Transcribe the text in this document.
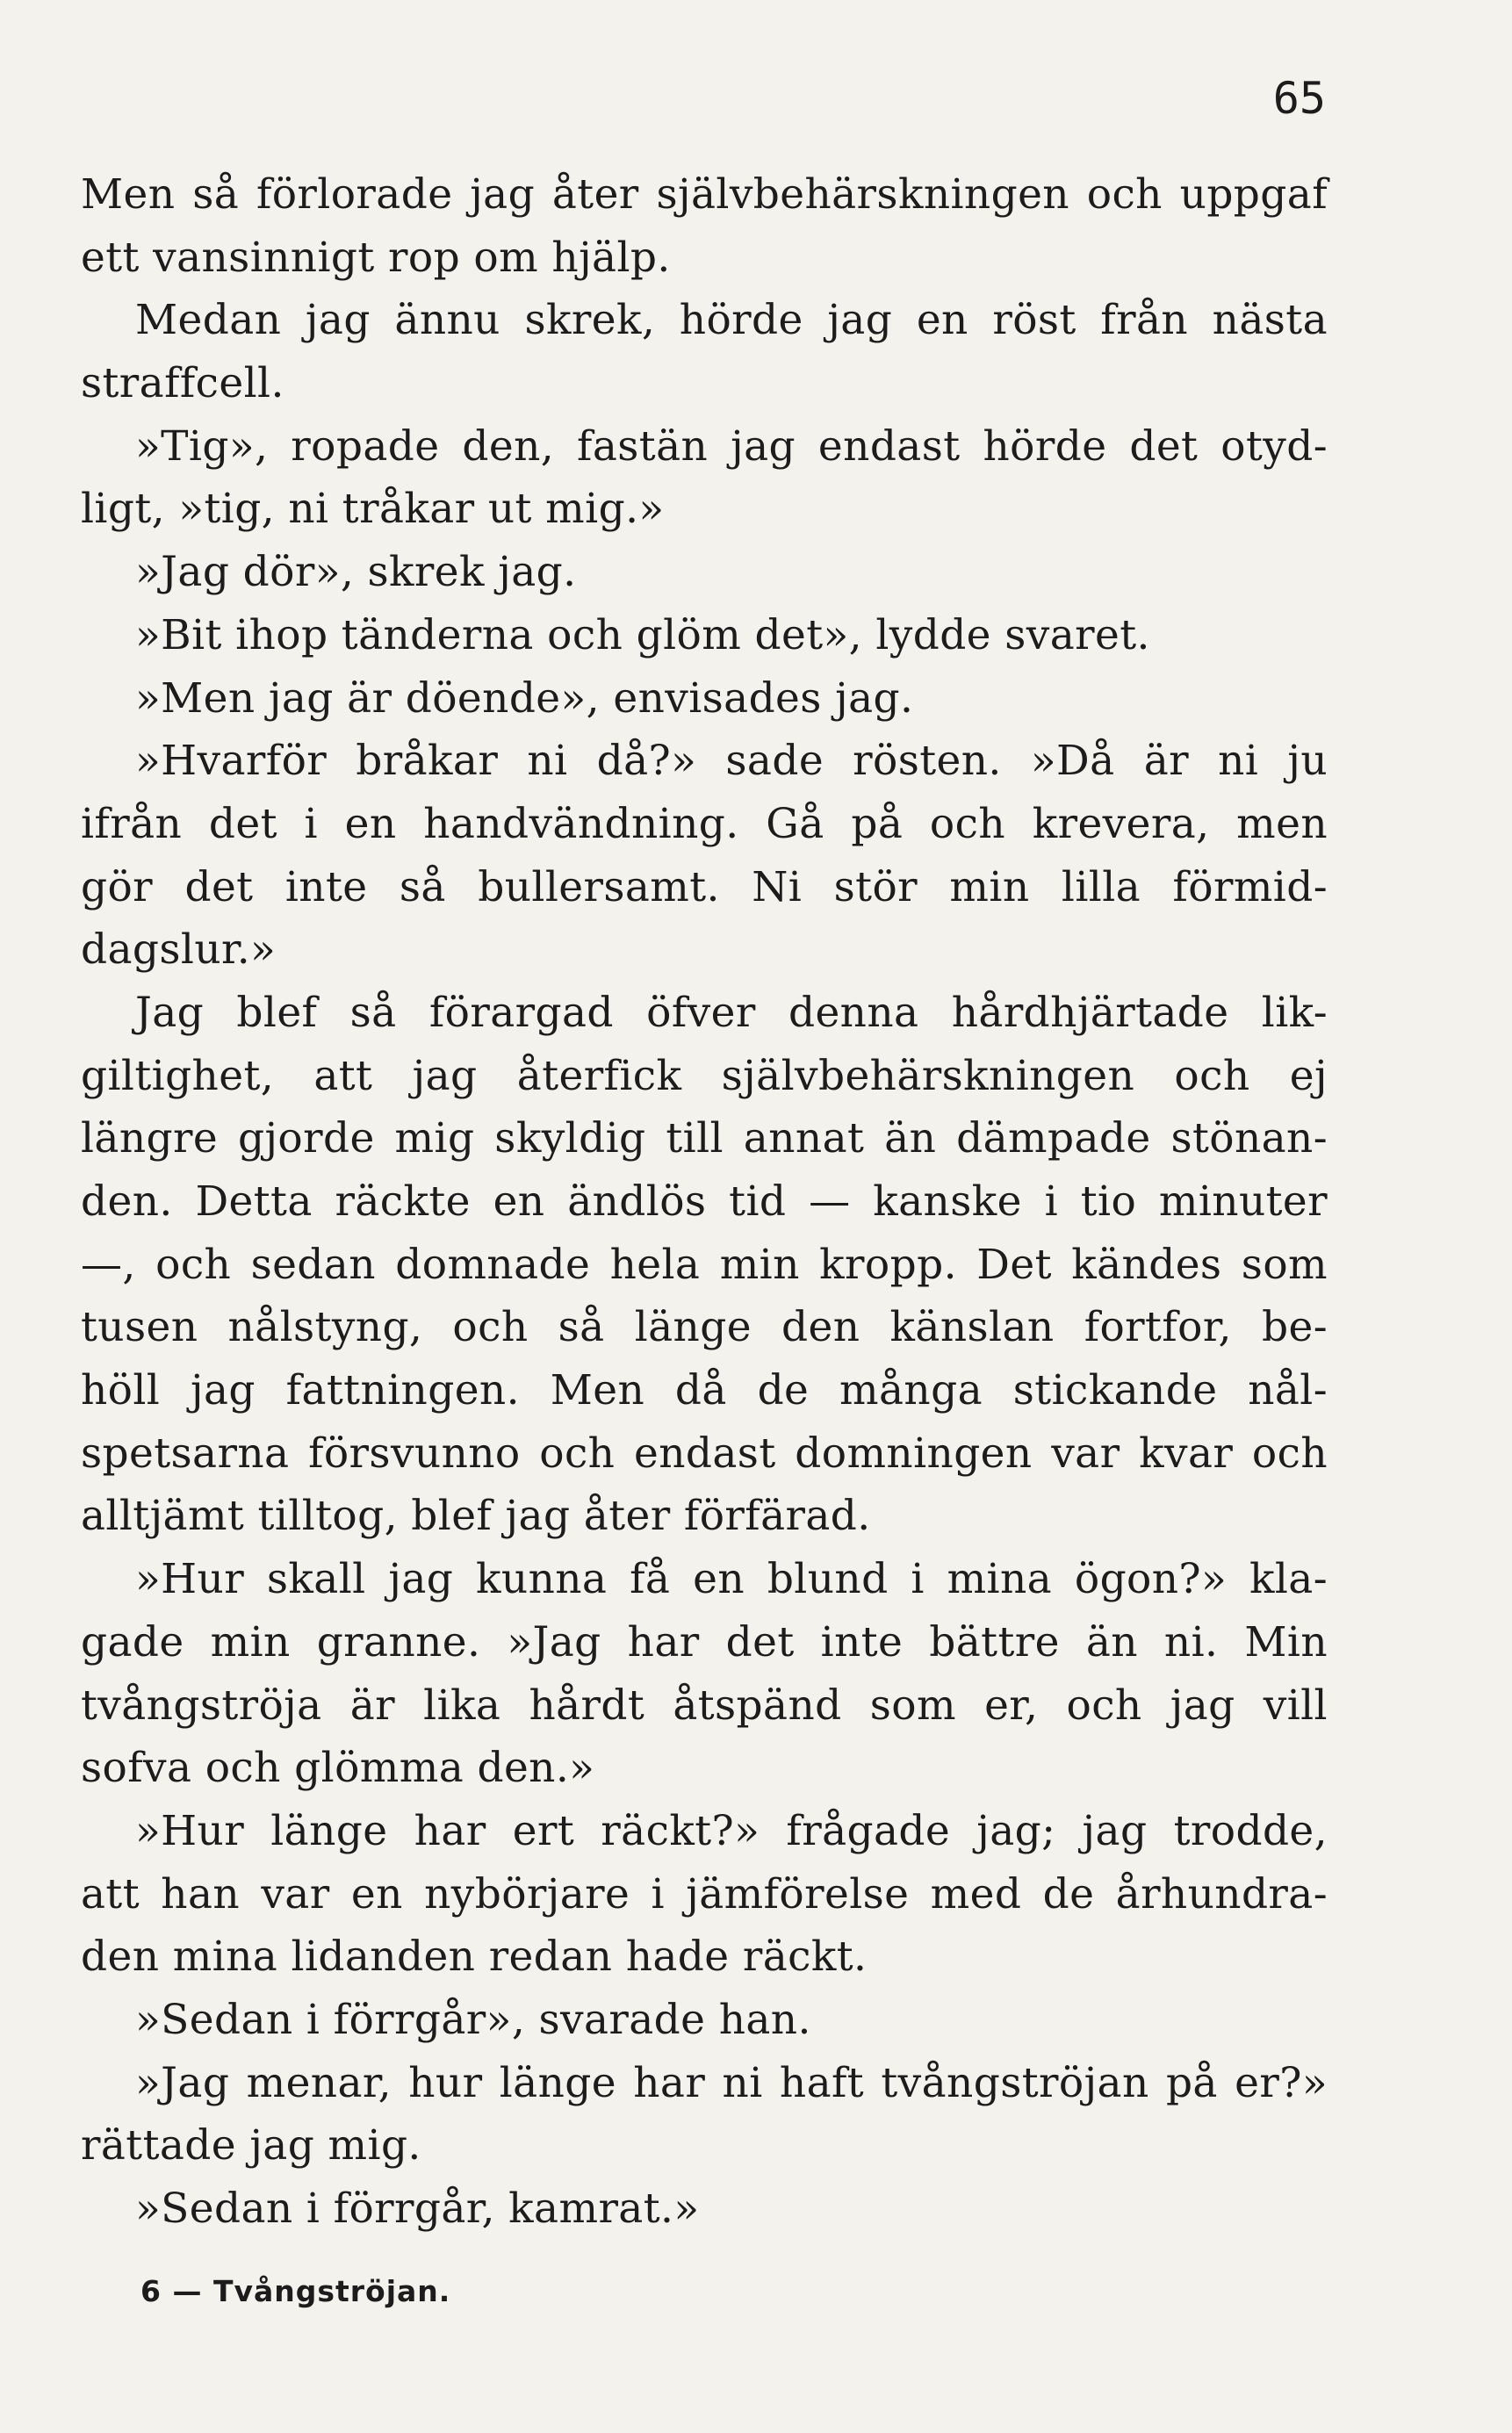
65
Men så förlorade jag åter självbehärskningen och uppgaf
ett vansinnigt rop om hjälp.
Medan jag ännu skrek, hörde jag en röst från nästa
straffcell.
»Tig», ropade den, fastän jag endast hörde det otyd-
ligt, »tig, ni tråkar ut mig.»
»Jag dör», skrek jag.
»Bit ihop tänderna och glöm det», lydde svaret.
»Men jag är döende», envisades jag.
»Hvarför bråkar ni då?» sade rösten. »Då är ni ju
ifrån det i en handvändning. Gå på och krevera, men
gör det inte så bullersamt. Ni stör min lilla förmid-
dagslur.»
Jag blef så förargad öfver denna hårdhjärtade lik-
giltighet, att jag återfick självbehärskningen och ej
längre gjorde mig skyldig till annat än dämpade stönan-
den. Detta räckte en ändlös tid — kanske i tio minuter
—, och sedan domnade hela min kropp. Det kändes som
tusen nålstyng, och så länge den känslan fortfor, be-
höll jag fattningen. Men då de många stickande nål-
spetsarna försvunno och endast domningen var kvar och
alltjämt tilltog, blef jag åter förfärad.
»Hur skall jag kunna få en blund i mina ögon?» kla-
gade min granne. »Jag har det inte bättre än ni. Min
tvångströja är lika hårdt åtspänd som er, och jag vill
sofva och glömma den.»
»Hur länge har ert räckt?» frågade jag; jag trodde,
att han var en nybörjare i jämförelse med de århundra-
den mina lidanden redan hade räckt.
»Sedan i förrgår», svarade han.
»Jag menar, hur länge har ni haft tvångströjan på er?»
rättade jag mig.
»Sedan i förrgår, kamrat.»
6 — Tvångströjan.
